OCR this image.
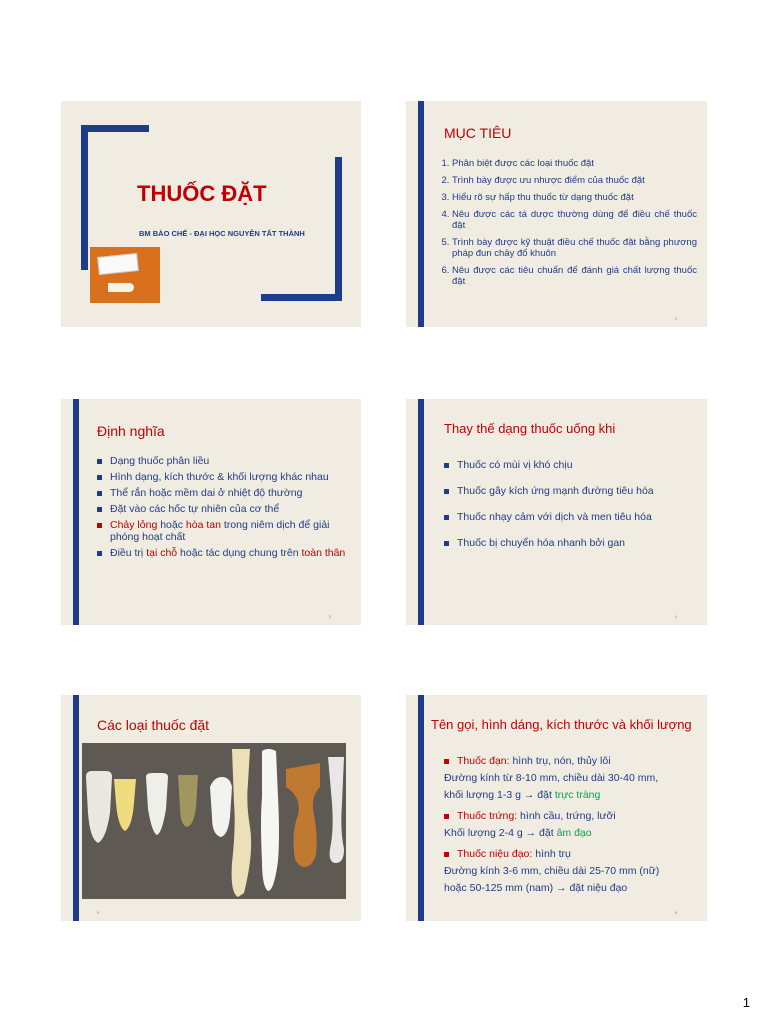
THUỐC ĐẶT
BM BÀO CHẾ - ĐẠI HỌC NGUYỄN TẤT THÀNH
MỤC TIÊU
1. Phân biệt được các loại thuốc đặt
2. Trình bày được ưu nhược điểm của thuốc đặt
3. Hiểu rõ sự hấp thu thuốc từ dạng thuốc đặt
4. Nêu được các tá dược thường dùng để điều chế thuốc đặt
5. Trình bày được kỹ thuật điều chế thuốc đặt bằng phương pháp đun chảy đổ khuôn
6. Nêu được các tiêu chuẩn để đánh giá chất lượng thuốc đặt
2
Định nghĩa
Dạng thuốc phân liều
Hình dạng, kích thước & khối lượng khác nhau
Thể rắn hoặc mềm dai ở nhiệt độ thường
Đặt vào các hốc tự nhiên của cơ thể
Chảy lỏng hoặc hòa tan trong niêm dịch để giải phóng hoạt chất
Điều trị tại chỗ hoặc tác dụng chung trên toàn thân
3
Thay thế dạng thuốc uống khi
Thuốc có mùi vị khó chịu
Thuốc gây kích ứng mạnh đường tiêu hóa
Thuốc nhạy cảm với dịch và men tiêu hóa
Thuốc bị chuyển hóa nhanh bởi gan
4
Các loại thuốc đặt
5
Tên gọi, hình dáng, kích thước và khối lượng
Thuốc đạn: hình trụ, nón, thủy lôi
Đường kính từ 8-10 mm, chiều dài 30-40 mm,
khối lượng 1-3 g → đặt trực tràng
Thuốc trứng: hình cầu, trứng, lưỡi
Khối lượng 2-4 g → đặt âm đạo
Thuốc niệu đạo: hình trụ
Đường kính 3-6 mm, chiều dài 25-70 mm (nữ)
hoặc 50-125 mm (nam) → đặt niệu đạo
6
1
